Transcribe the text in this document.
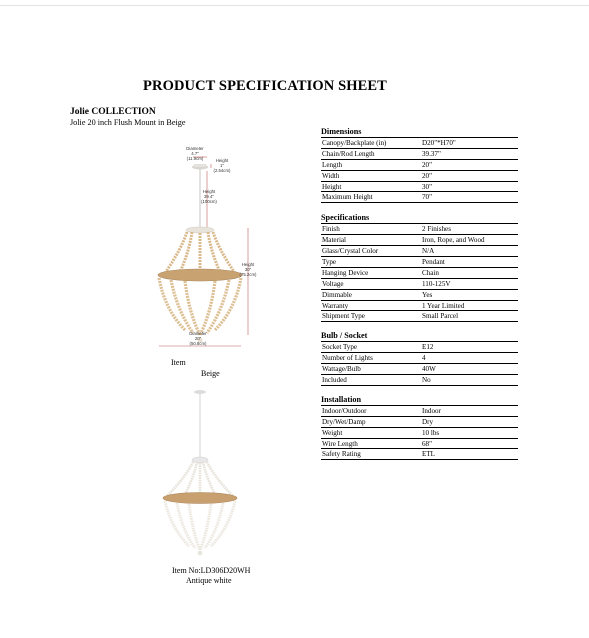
PRODUCT SPECIFICATION SHEET
Jolie COLLECTION
Jolie 20 inch Flush Mount in Beige
Diameter
4.7"
(11.9cm)	Height
1"
(2.54cm)
Height
39.4"
(100cm)
Height
30"
(75.2cm)
Diameter
20"
(50.8cm)
Item
Beige
Item No:LD306D20WH
Antique white
Dimensions
Canopy/Backplate (in)	D20"*H70"
Chain/Rod Length	39.37"
Length	20"
Width	20"
Height	30"
Maximum Height	70"
Specifications
Finish	2 Finishes
Material	Iron, Rope, and Wood
Glass/Crystal Color	N/A
Type	Pendant
Hanging Device	Chain
Voltage	110-125V
Dimmable	Yes
Warranty	1 Year Limited
Shipment Type	Small Parcel
Bulb / Socket
Socket Type	E12
Number of Lights	4
Wattage/Bulb	40W
Included	No
Installation
Indoor/Outdoor	Indoor
Dry/Wet/Damp	Dry
Weight	10 lbs
Wire Length	68"
Safety Rating	ETL
